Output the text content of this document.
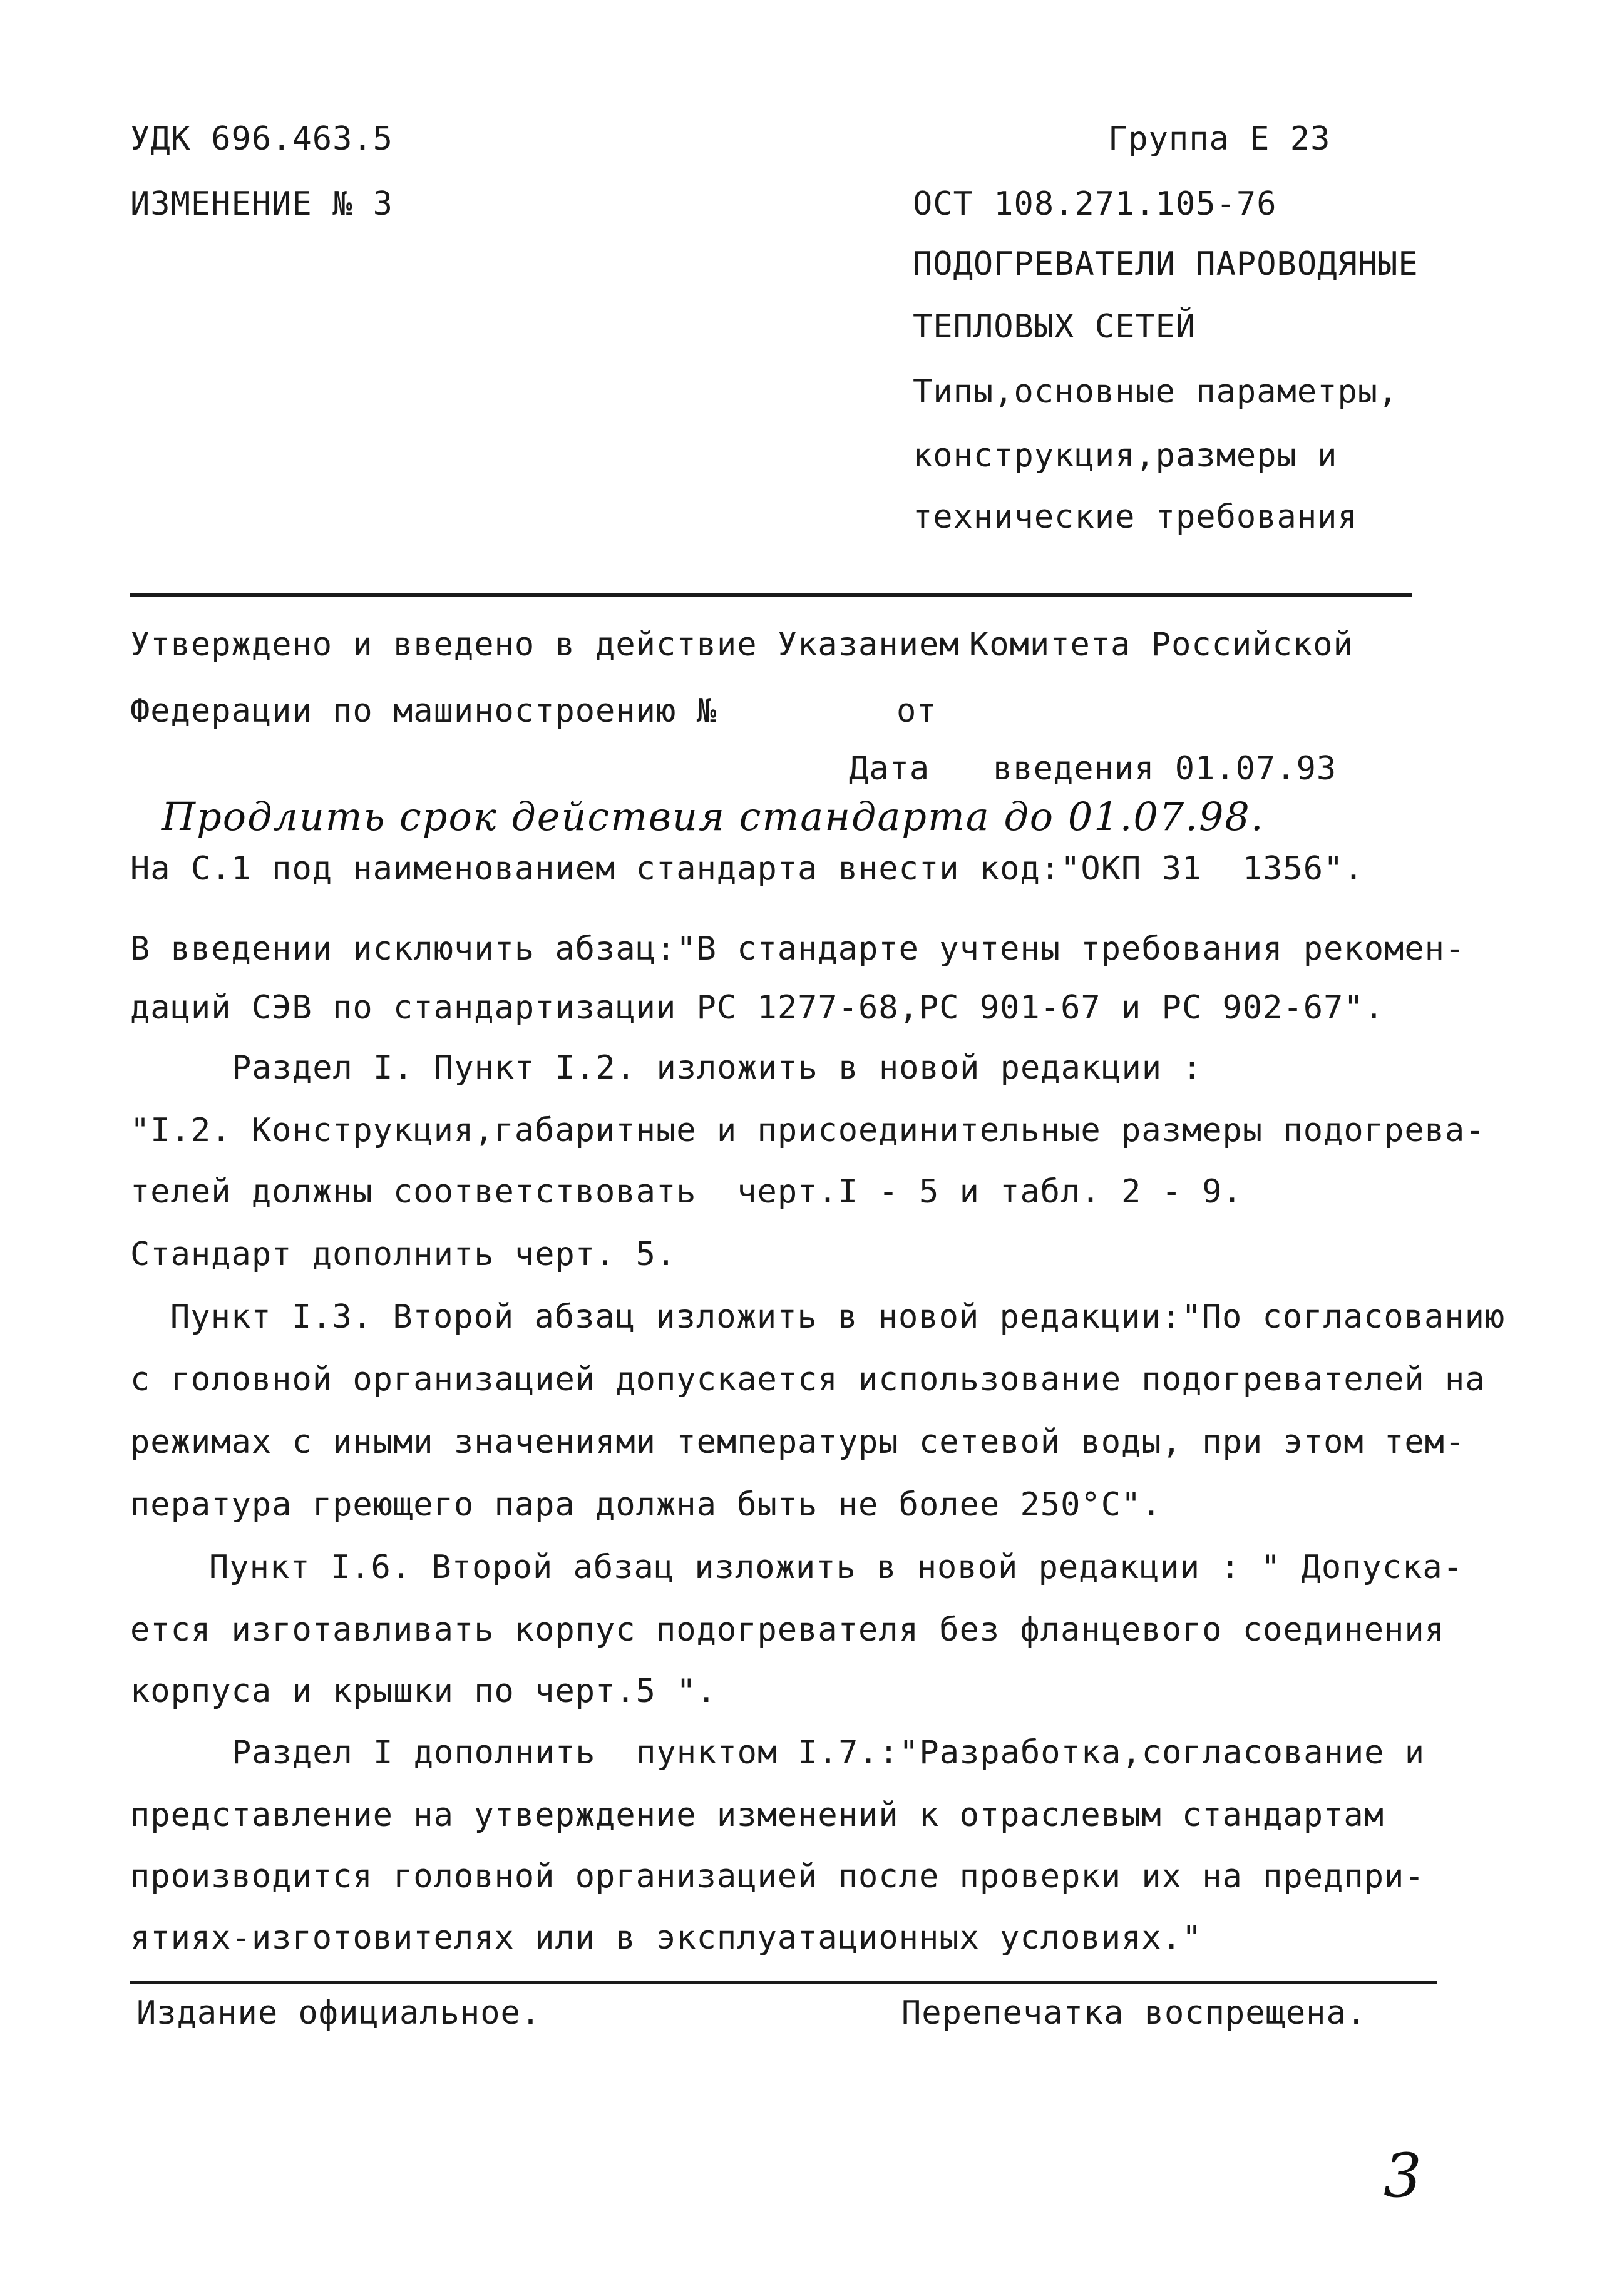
УДК 696.463.5
ИЗМЕНЕНИЕ № 3
Группа Е 23
ОСТ 108.271.105-76
ПОДОГРЕВАТЕЛИ ПАРОВОДЯНЫЕ
ТЕПЛОВЫХ СЕТЕЙ
Типы,основные параметры,
конструкция,размеры и
технические требования
Утверждено и введено в действие Указанием Комитета Российской
Федерации по машиностроению №	от
Дата введения 01.07.93
Продлить срок действия стандарта до 01.07.98.
На С.1 под наименованием стандарта внести код:"ОКП 31  1356".
В введении исключить абзац:"В стандарте учтены требования рекомен-
даций СЭВ по стандартизации РС 1277-68,РС 901-67 и РС 902-67".
Раздел I. Пункт I.2. изложить в новой редакции :
"I.2. Конструкция,габаритные и присоединительные размеры подогрева-
телей должны соответствовать  черт.I - 5 и табл. 2 - 9.
Стандарт дополнить черт. 5.
Пункт I.3. Второй абзац изложить в новой редакции:"По согласованию
с головной организацией допускается использование подогревателей на
режимах с иными значениями температуры сетевой воды, при этом тем-
пература греющего пара должна быть не более 250°С".
Пункт I.6. Второй абзац изложить в новой редакции : " Допуска-
ется изготавливать корпус подогревателя без фланцевого соединения
корпуса и крышки по черт.5 ".
Раздел I дополнить  пунктом I.7.:"Разработка,согласование и
представление на утверждение изменений к отраслевым стандартам
производится головной организацией после проверки их на предпри-
ятиях-изготовителях или в эксплуатационных условиях."
Издание официальное.	Перепечатка воспрещена.
3
